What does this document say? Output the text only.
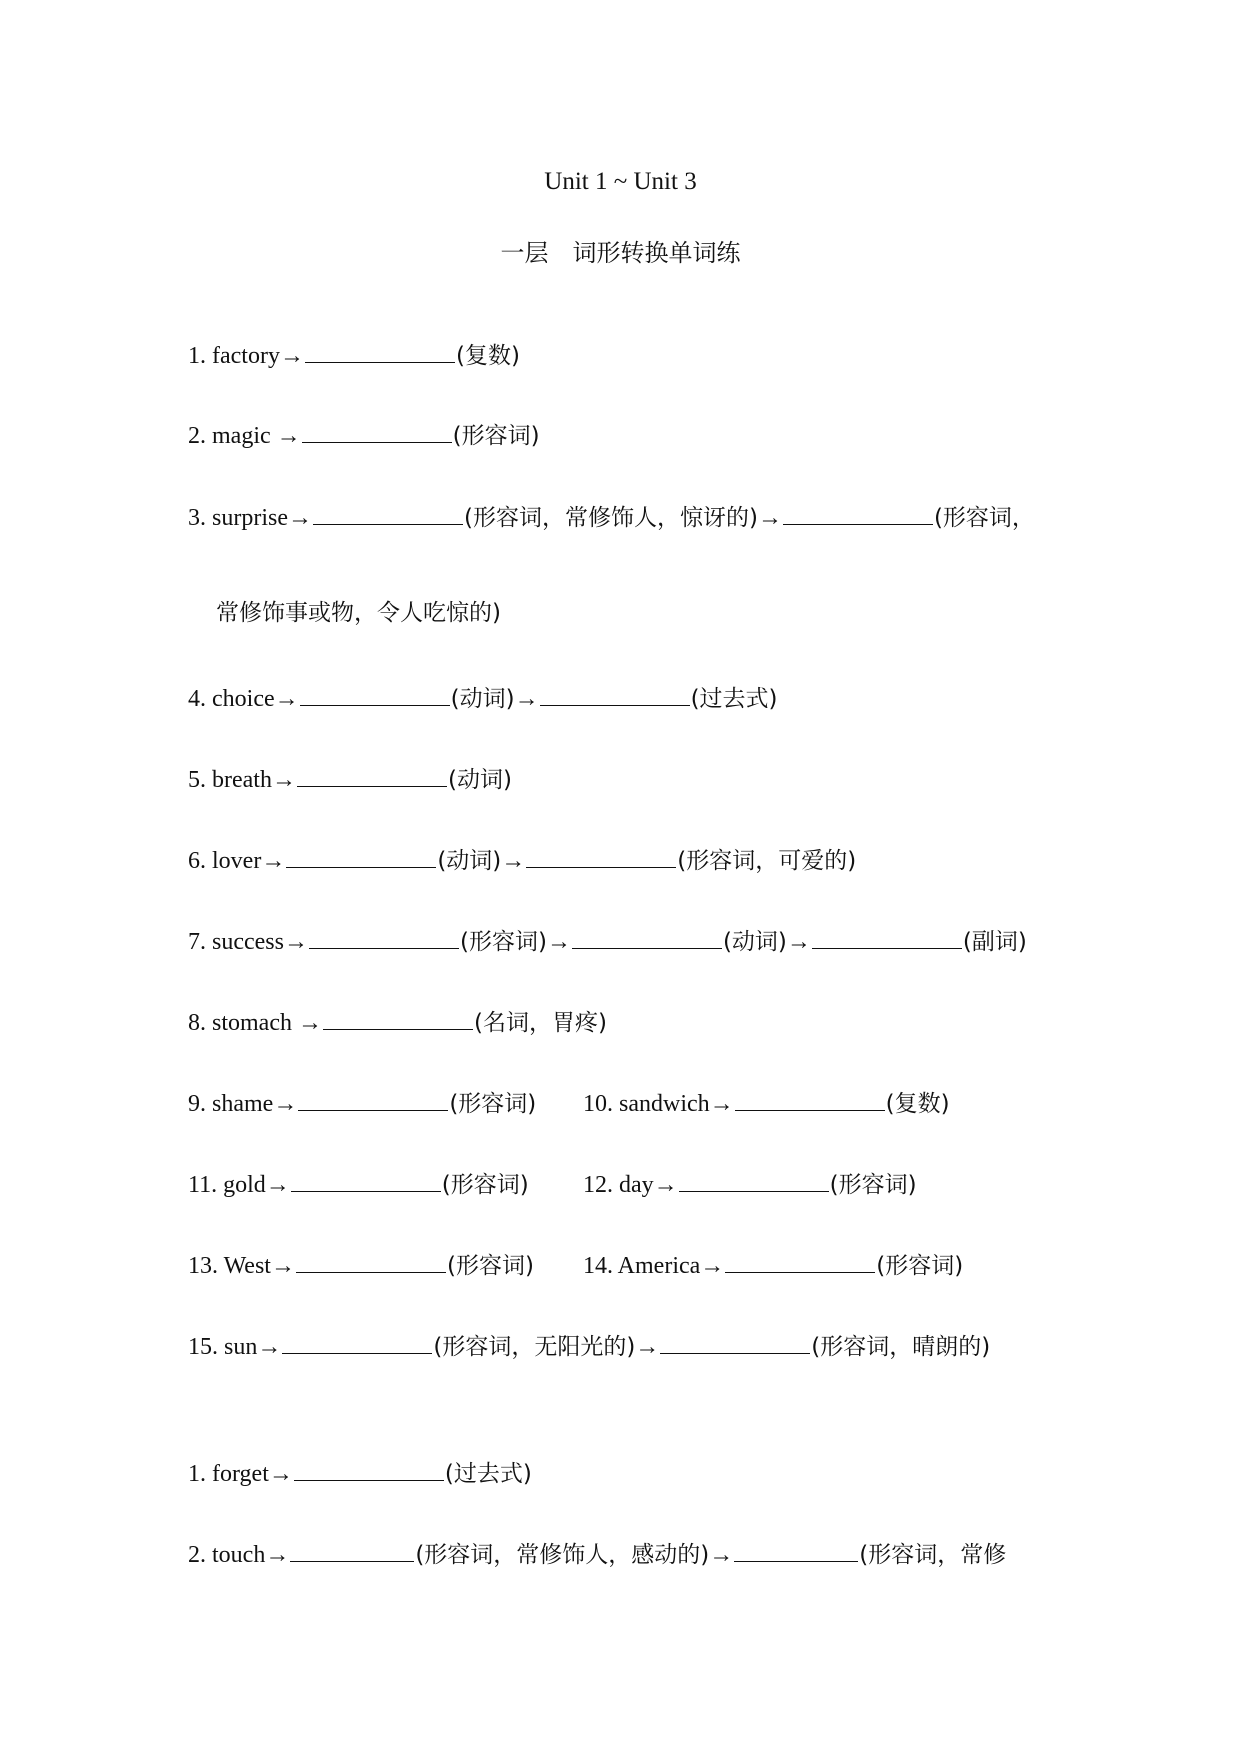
Unit 1 ~ Unit 3
一层　词形转换单词练
1. factory→	(复数)
2. magic →	(形容词)
3. surprise→	(形容词，常修饰人，惊讶的)→	(形容词，
常修饰事或物，令人吃惊的)
4. choice→	(动词)→	(过去式)
5. breath→	(动词)
6. lover→	(动词)→	(形容词，可爱的)
7. success→	(形容词)→	(动词)→	(副词)
8. stomach →	(名词，胃疼)
9. shame→	(形容词) 10. sandwich→	(复数)
11. gold→	(形容词) 12. day→	(形容词)
13. West→	(形容词) 14. America→	(形容词)
15. sun→	(形容词，无阳光的)→	(形容词，晴朗的)
1. forget→	(过去式)
2. touch→	(形容词，常修饰人，感动的)→	(形容词，常修
